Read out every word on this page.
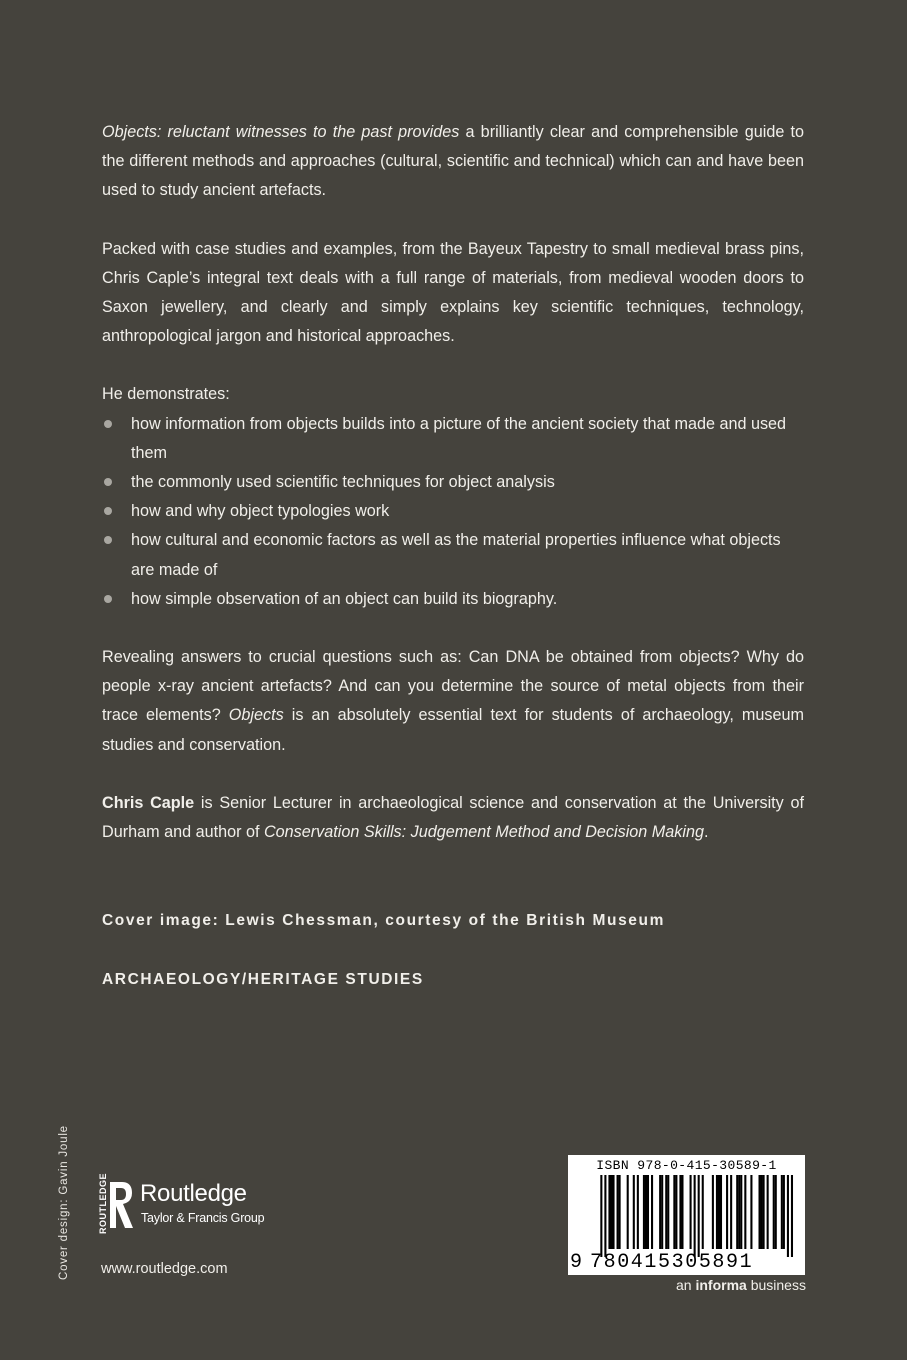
Objects: reluctant witnesses to the past provides a brilliantly clear and comprehensible guide to the different methods and approaches (cultural, scientific and technical) which can and have been used to study ancient artefacts.

Packed with case studies and examples, from the Bayeux Tapestry to small medieval brass pins, Chris Caple’s integral text deals with a full range of materials, from medieval wooden doors to Saxon jewellery, and clearly and simply explains key scientific techniques, technology, anthropological jargon and historical approaches.

He demonstrates:

how information from objects builds into a picture of the ancient society that made and used them
the commonly used scientific techniques for object analysis
how and why object typologies work
how cultural and economic factors as well as the material properties influence what objects are made of
how simple observation of an object can build its biography.

Revealing answers to crucial questions such as: Can DNA be obtained from objects? Why do people x-ray ancient artefacts? And can you determine the source of metal objects from their trace elements? Objects is an absolutely essential text for students of archaeology, museum studies and conservation.

Chris Caple is Senior Lecturer in archaeological science and conservation at the University of Durham and author of Conservation Skills: Judgement Method and Decision Making.

Cover image: Lewis Chessman, courtesy of the British Museum
ARCHAEOLOGY/HERITAGE STUDIES
Cover design: Gavin Joule	ROUTLEDGE Routledge
Taylor & Francis Group
www.routledge.com
ISBN 978-0-415-30589-1
9 780415305891
an informa business
